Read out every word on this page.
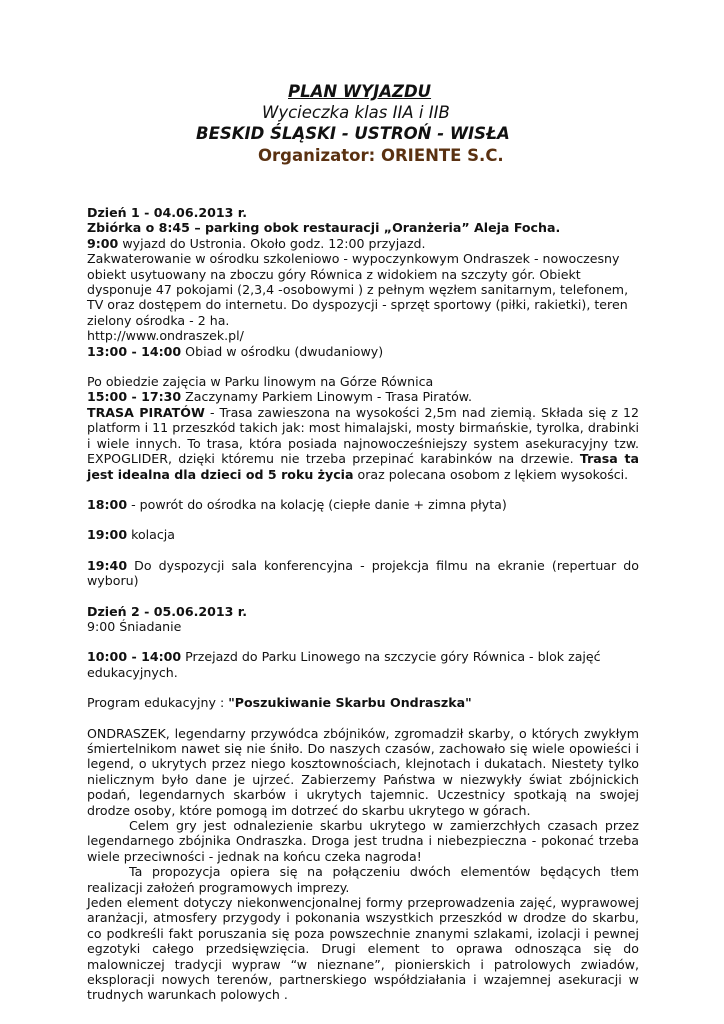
PLAN WYJAZDU
Wycieczka klas IIA i IIB
BESKID ŚLĄSKI - USTROŃ - WISŁA
Organizator: ORIENTE S.C.

Dzień 1 - 04.06.2013 r.

Zbiórka o 8:45 – parking obok restauracji „Oranżeria” Aleja Focha.

9:00 wyjazd do Ustronia. Około godz. 12:00 przyjazd.

Zakwaterowanie w ośrodku szkoleniowo - wypoczynkowym Ondraszek - nowoczesny obiekt usytuowany na zboczu góry Równica z widokiem na szczyty gór. Obiekt dysponuje 47 pokojami (2,3,4 -osobowymi ) z pełnym węzłem sanitarnym, telefonem, TV oraz dostępem do internetu. Do dyspozycji - sprzęt sportowy (piłki, rakietki), teren zielony ośrodka - 2 ha.

http://www.ondraszek.pl/

13:00 - 14:00 Obiad w ośrodku (dwudaniowy)

Po obiedzie zajęcia w Parku linowym na Górze Równica

15:00 - 17:30 Zaczynamy Parkiem Linowym - Trasa Piratów.

TRASA PIRATÓW - Trasa zawieszona na wysokości 2,5m nad ziemią. Składa się z 12 platform i 11 przeszkód takich jak: most himalajski, mosty birmańskie, tyrolka, drabinki i wiele innych. To trasa, która posiada najnowocześniejszy system asekuracyjny tzw. EXPOGLIDER, dzięki któremu nie trzeba przepinać karabinków na drzewie. Trasa ta jest idealna dla dzieci od 5 roku życia oraz polecana osobom z lękiem wysokości.

18:00 - powrót do ośrodka na kolację (ciepłe danie + zimna płyta)

19:00 kolacja

19:40 Do dyspozycji sala konferencyjna - projekcja filmu na ekranie (repertuar do wyboru)

Dzień 2 - 05.06.2013 r.

9:00 Śniadanie

10:00 - 14:00 Przejazd do Parku Linowego na szczycie góry Równica - blok zajęć edukacyjnych.

Program edukacyjny : "Poszukiwanie Skarbu Ondraszka"

ONDRASZEK, legendarny przywódca zbójników, zgromadził skarby, o których zwykłym śmiertelnikom nawet się nie śniło. Do naszych czasów, zachowało się wiele opowieści i legend, o ukrytych przez niego kosztownościach, klejnotach i dukatach. Niestety tylko nielicznym było dane je ujrzeć. Zabierzemy Państwa w niezwykły świat zbójnickich podań, legendarnych skarbów i ukrytych tajemnic. Uczestnicy spotkają na swojej drodze osoby, które pomogą im dotrzeć do skarbu ukrytego w górach.

Celem gry jest odnalezienie skarbu ukrytego w zamierzchłych czasach przez legendarnego zbójnika Ondraszka. Droga jest trudna i niebezpieczna - pokonać trzeba wiele przeciwności - jednak na końcu czeka nagroda!

Ta propozycja opiera się na połączeniu dwóch elementów będących tłem realizacji założeń programowych imprezy.

Jeden element dotyczy niekonwencjonalnej formy przeprowadzenia zajęć, wyprawowej aranżacji, atmosfery przygody i pokonania wszystkich przeszkód w drodze do skarbu, co podkreśli fakt poruszania się poza powszechnie znanymi szlakami, izolacji i pewnej egzotyki całego przedsięwzięcia. Drugi element to oprawa odnosząca się do malowniczej tradycji wypraw “w nieznane”, pionierskich i patrolowych zwiadów, eksploracji nowych terenów, partnerskiego współdziałania i wzajemnej asekuracji w trudnych warunkach polowych .
